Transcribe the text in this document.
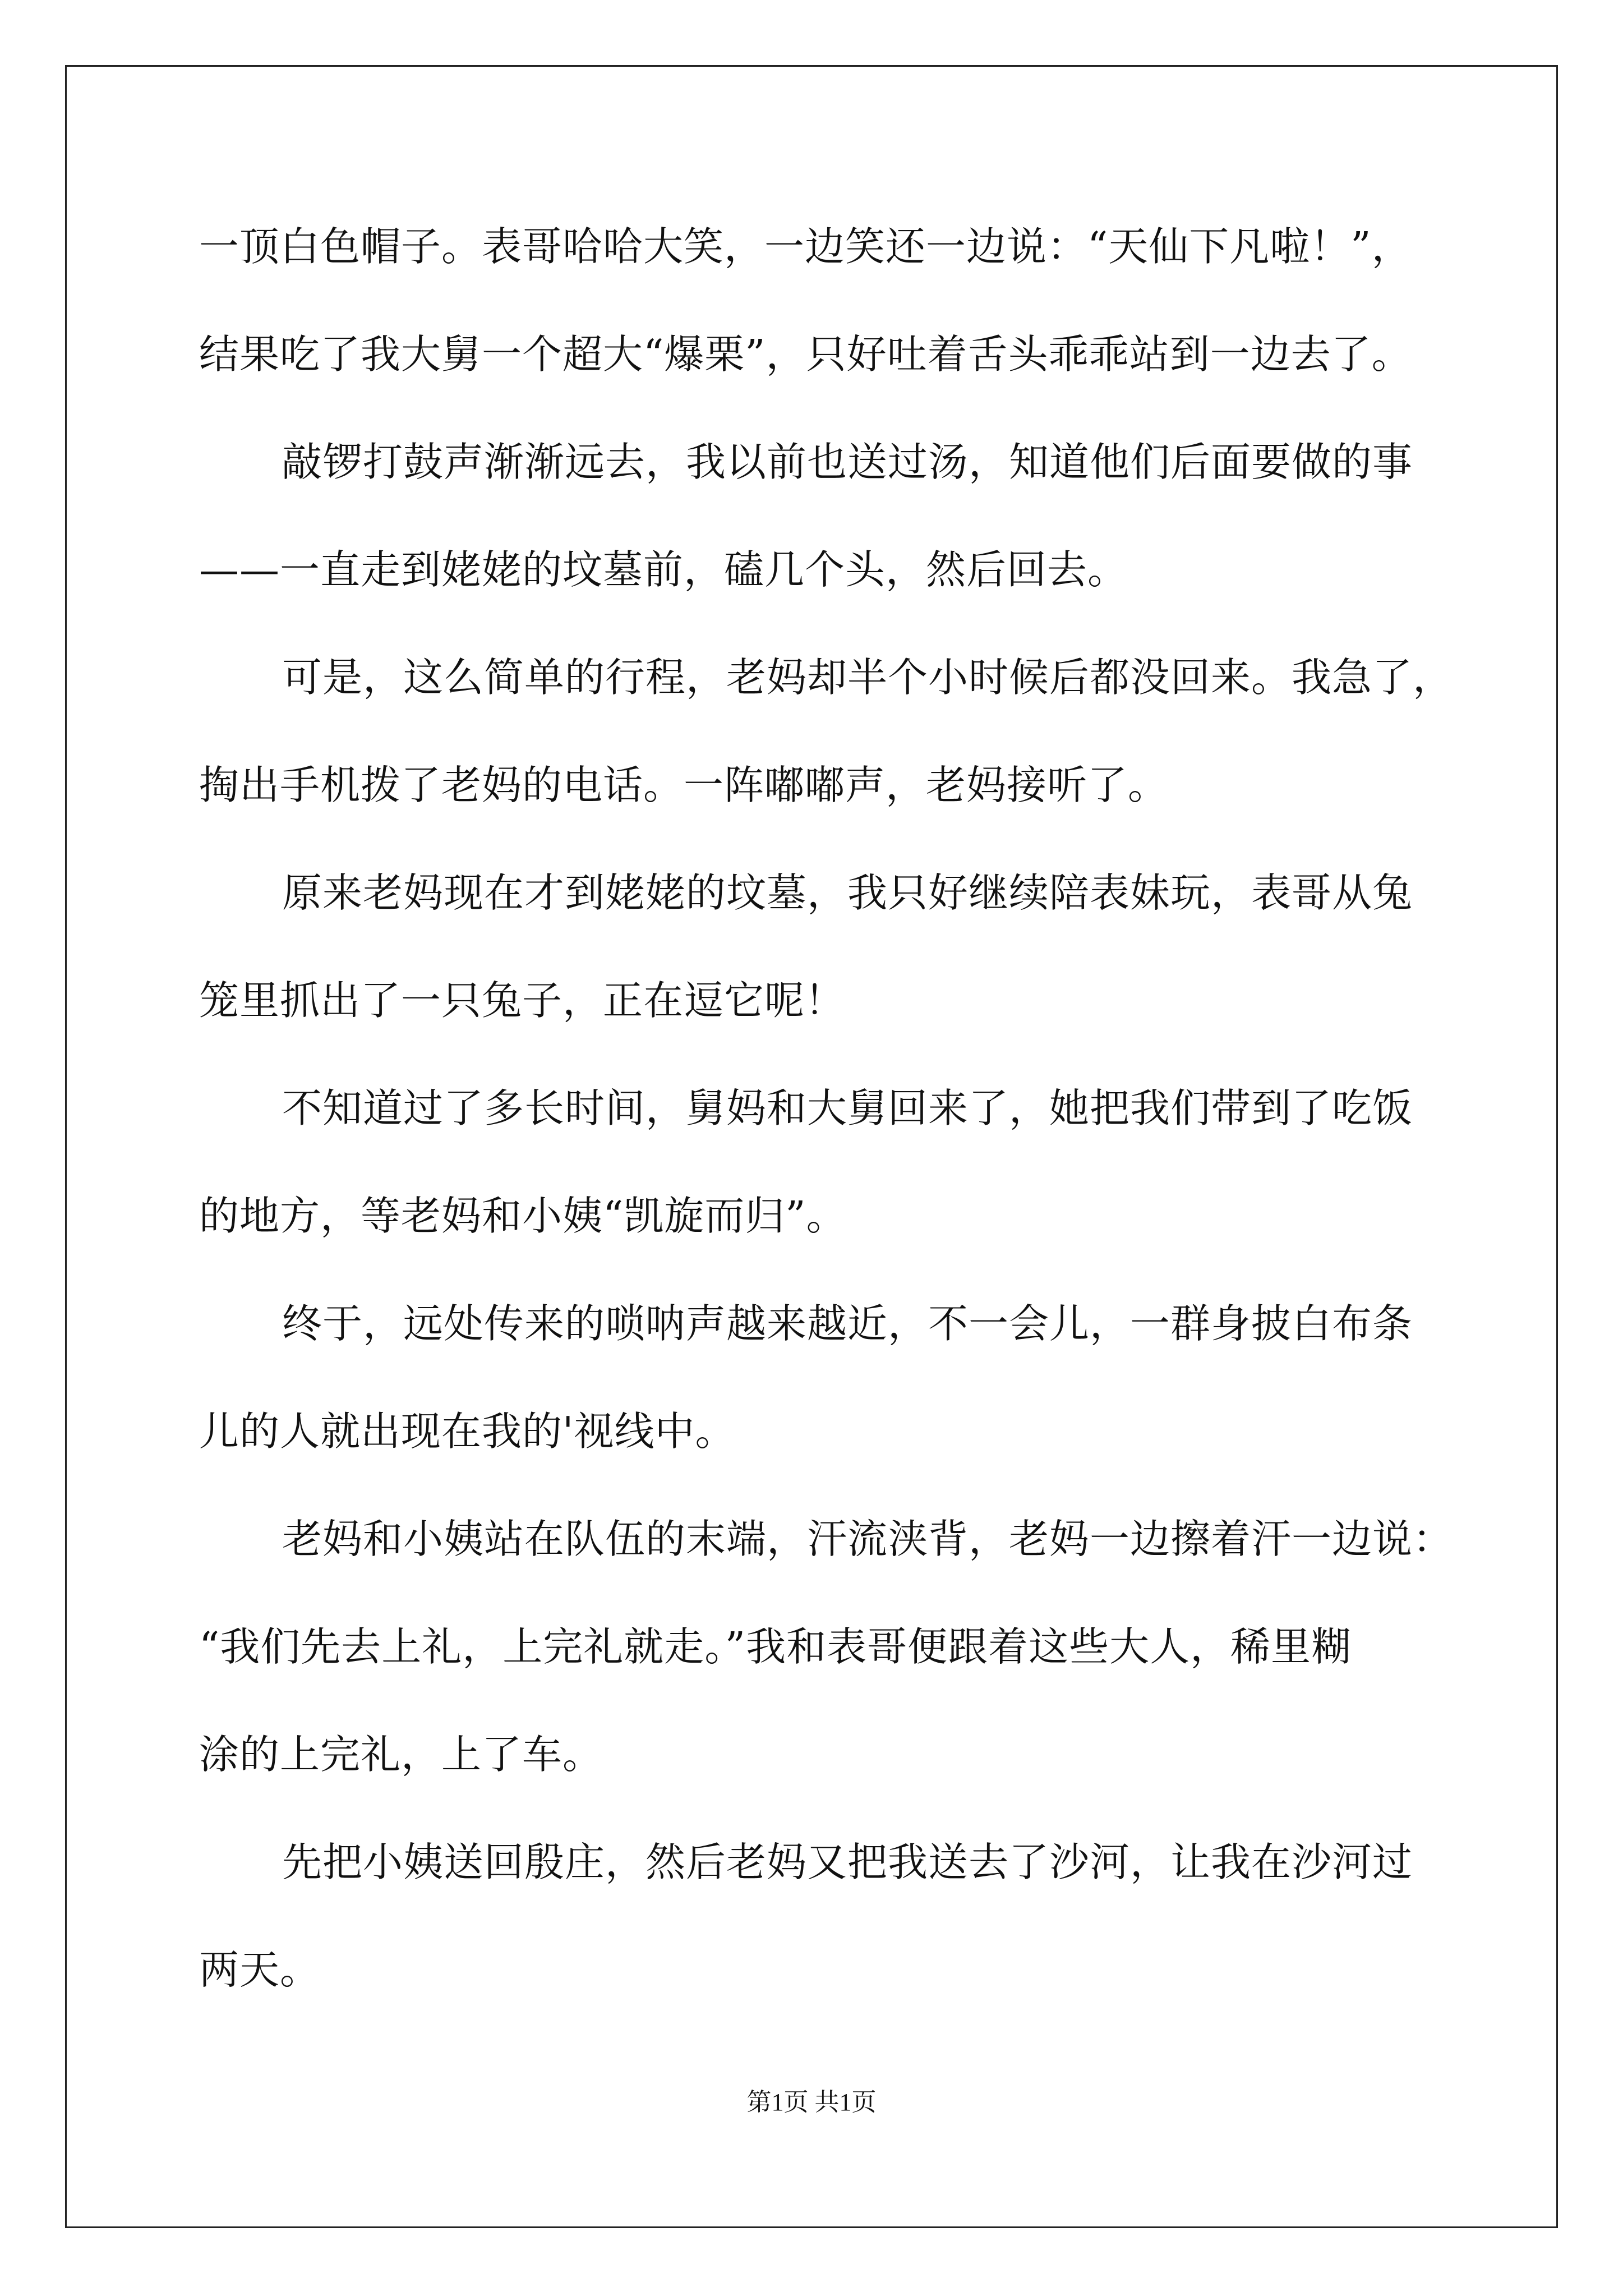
一顶白色帽子。表哥哈哈大笑，一边笑还一边说：“天仙下凡啦！”，
结果吃了我大舅一个超大“爆栗”，只好吐着舌头乖乖站到一边去了。
敲锣打鼓声渐渐远去，我以前也送过汤，知道他们后面要做的事
——一直走到姥姥的坟墓前，磕几个头，然后回去。
可是，这么简单的行程，老妈却半个小时候后都没回来。我急了，
掏出手机拨了老妈的电话。一阵嘟嘟声，老妈接听了。
原来老妈现在才到姥姥的坟墓，我只好继续陪表妹玩，表哥从兔
笼里抓出了一只兔子，正在逗它呢！
不知道过了多长时间，舅妈和大舅回来了，她把我们带到了吃饭
的地方，等老妈和小姨“凯旋而归”。
终于，远处传来的唢呐声越来越近，不一会儿，一群身披白布条
儿的人就出现在我的'视线中。
老妈和小姨站在队伍的末端，汗流浃背，老妈一边擦着汗一边说：
“我们先去上礼，上完礼就走。”我和表哥便跟着这些大人，稀里糊
涂的上完礼，上了车。
先把小姨送回殷庄，然后老妈又把我送去了沙河，让我在沙河过
两天。
第1页 共1页
